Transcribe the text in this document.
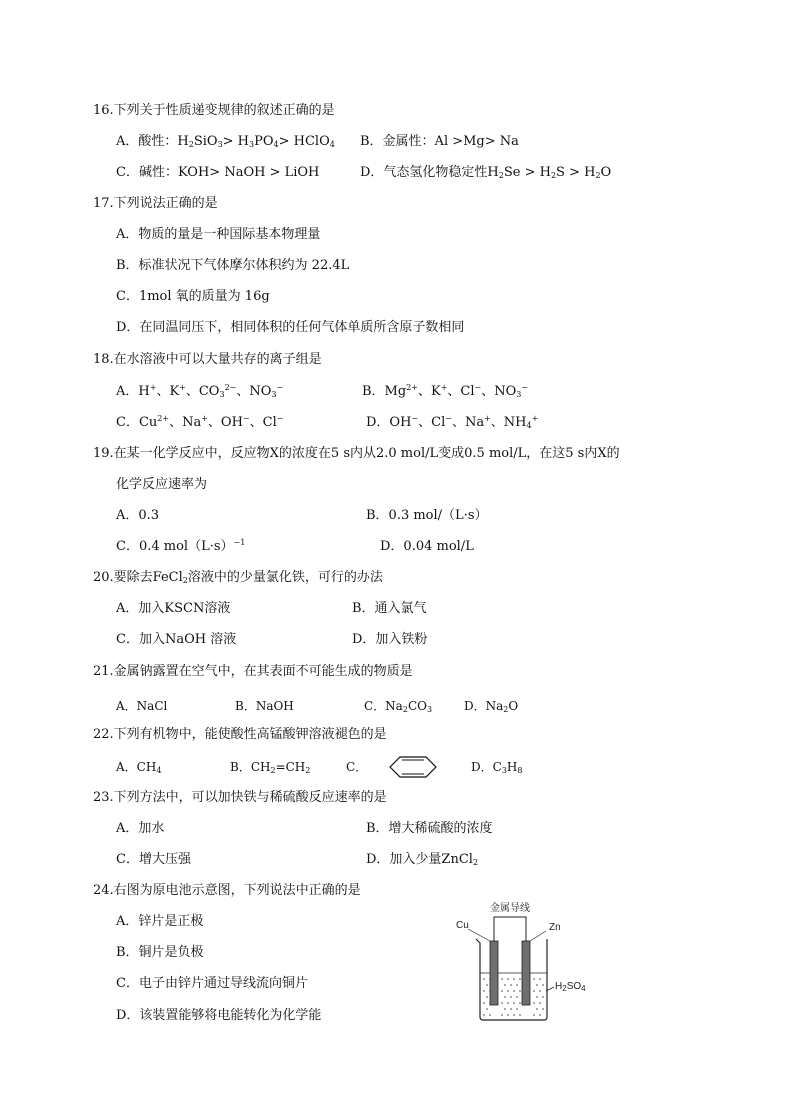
16.下列关于性质递变规律的叙述正确的是
A．酸性：$H_2SiO_3> H_3PO_4>$ HClO$_4$ B．金属性：Al >Mg> Na
C．碱性：KOH> NaOH > LiOH	D．气态氢化物稳定性$H_2Se > H_2S > H_2O$
17.下列说法正确的是
A．物质的量是一种国际基本物理量
B．标准状况下气体摩尔体积约为 22.4L
C．1mol 氧的质量为 16g
D．在同温同压下，相同体积的任何气体单质所含原子数相同
18.在水溶液中可以大量共存的离子组是
A．H+、K+、$CO_3^{2-}$、$NO_3^-$	B．$Mg^{2+}$、K+、Cl−、$NO_3^-$
C．$Cu^{2+}$、Na+、OH−、Cl−	D．OH−、Cl−、Na+、$NH_4^+$
19.在某一化学反应中，反应物X的浓度在5 s内从2.0 mol/L变成0.5 mol/L，在这5 s内X的
化学反应速率为
A．0.3	B．0.3 mol/（L·s）
C．0.4 $mol(L\cdot s)^{-1}$	D．0.04 mol/L
20.要除去FeCl$_2$溶液中的少量氯化铁，可行的办法
A．加入KSCN溶液	B．通入氯气
C．加入NaOH 溶液	D．加入铁粉
21.金属钠露置在空气中，在其表面不可能生成的物质是
A．NaCl	B．NaOH	C．$Na_2CO_3$	D．$Na_2O$
22.下列有机物中，能使酸性高锰酸钾溶液褪色的是
A．$CH_4$	B．$CH_2=CH_2$	C．	D．$C_3H_8$
23.下列方法中，可以加快铁与稀硫酸反应速率的是
A．加水	B．增大稀硫酸的浓度
C．增大压强	D．加入少量ZnCl$_2$
24.右图为原电池示意图，下列说法中正确的是
A．锌片是正极
B．铜片是负极
C．电子由锌片通过导线流向铜片
D．该装置能够将电能转化为化学能
金属导线
Cu	Zn
$H_2SO_4$
